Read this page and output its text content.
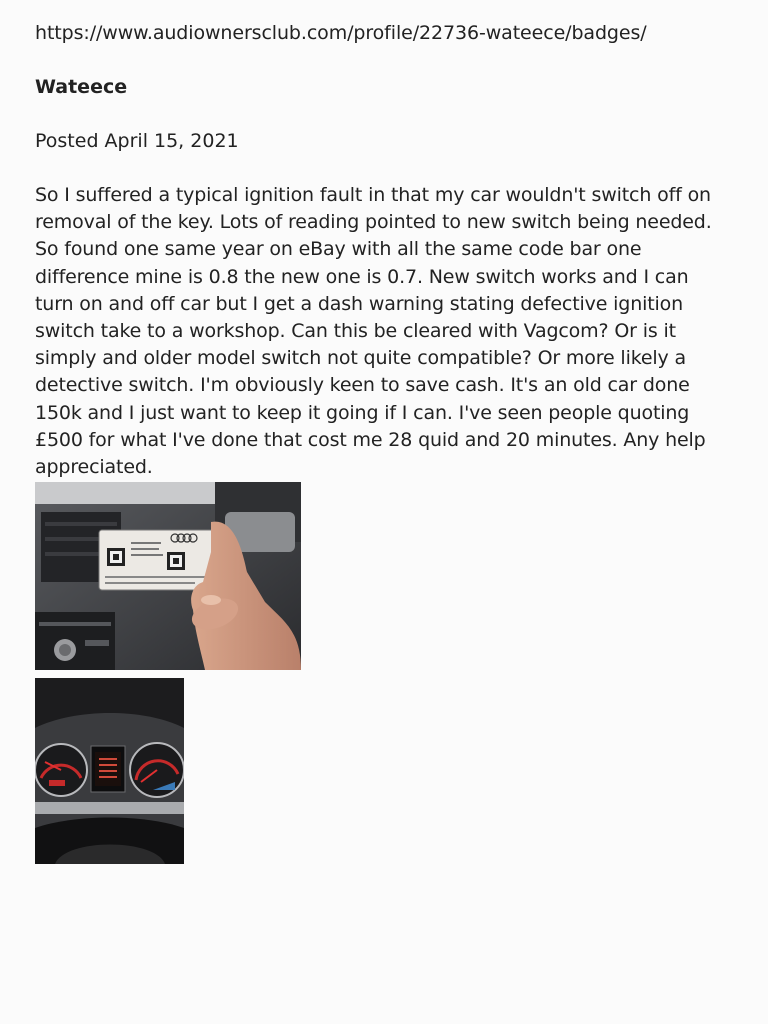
https://www.audiownersclub.com/profile/22736-wateece/badges/
Wateece
Posted April 15, 2021
So I suffered a typical ignition fault in that my car wouldn't switch off on
removal of the key. Lots of reading pointed to new switch being needed.
So found one same year on eBay with all the same code bar one
difference mine is 0.8 the new one is 0.7. New switch works and I can
turn on and off car but I get a dash warning stating defective ignition
switch take to a workshop. Can this be cleared with Vagcom? Or is it
simply and older model switch not quite compatible? Or more likely a
detective switch. I'm obviously keen to save cash. It's an old car done
150k and I just want to keep it going if I can. I've seen people quoting
£500 for what I've done that cost me 28 quid and 20 minutes. Any help
appreciated.
